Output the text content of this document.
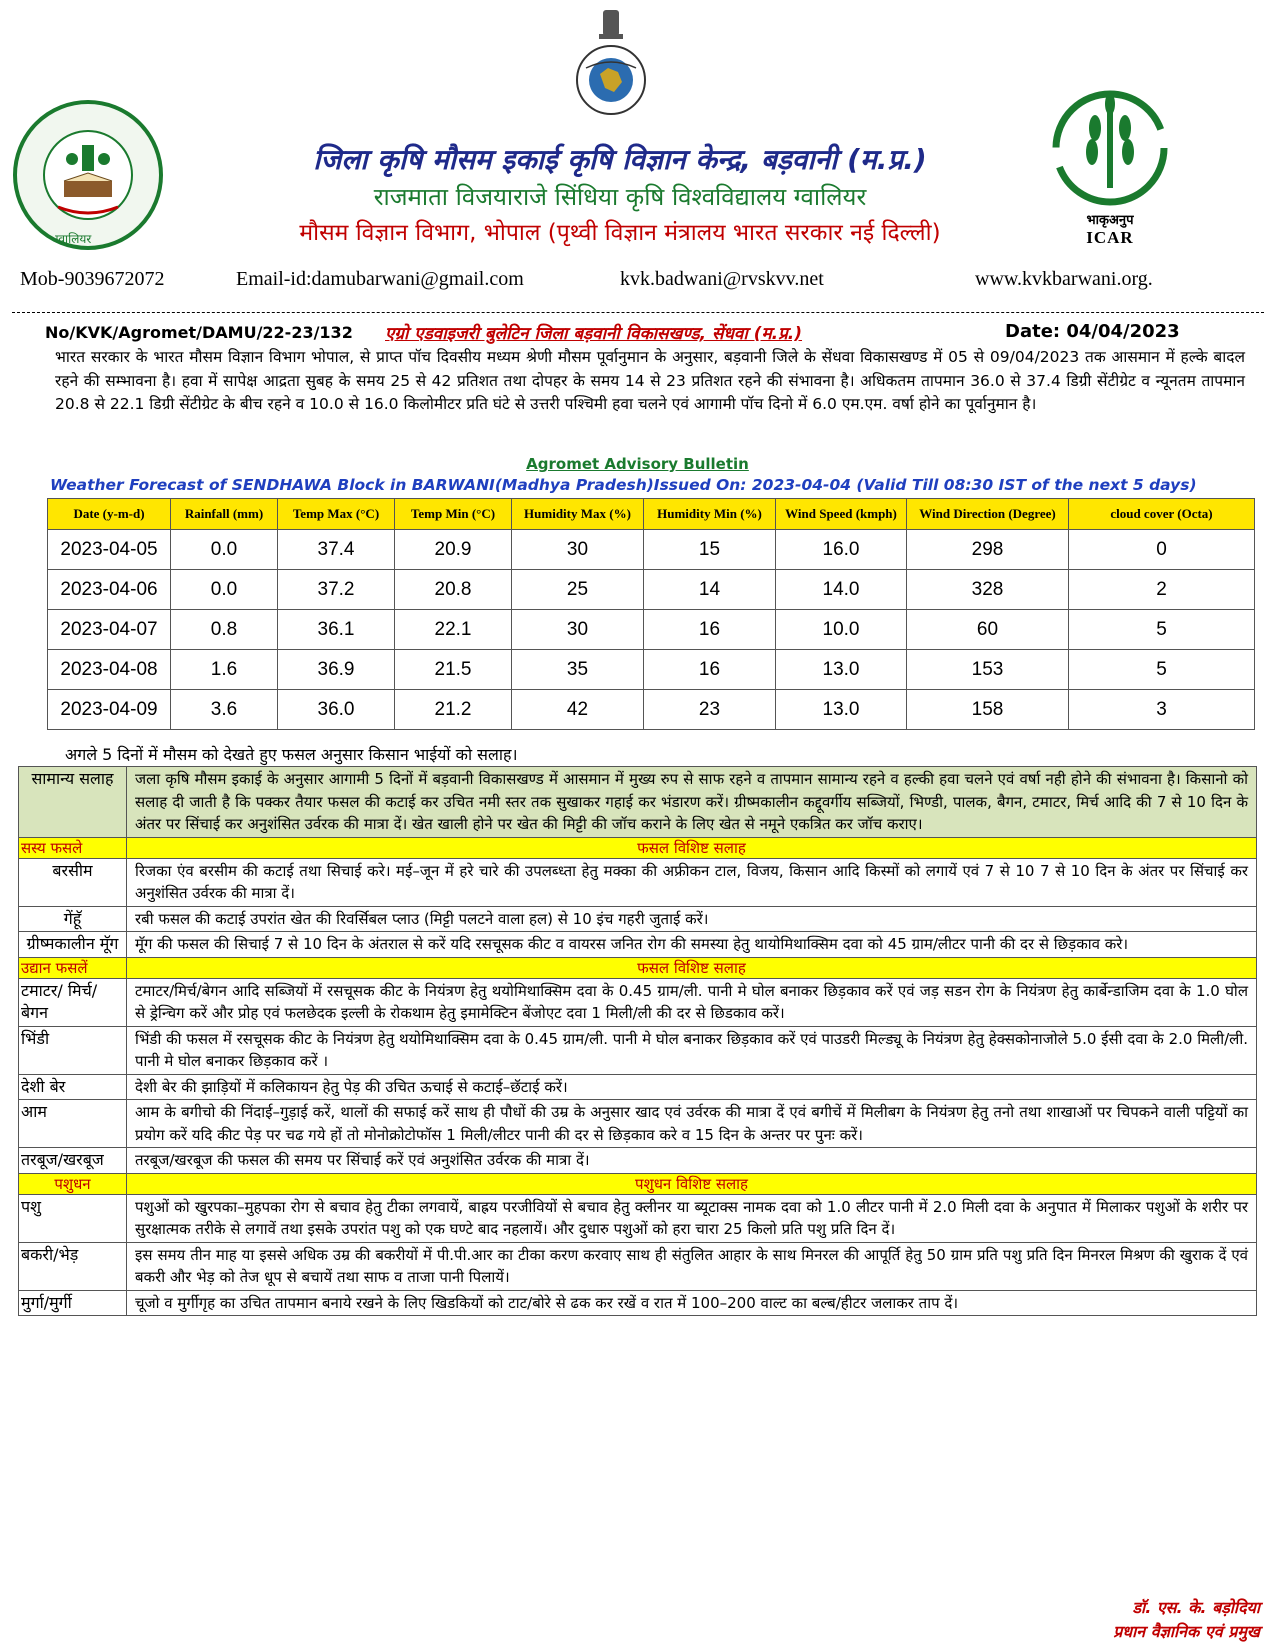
ग्वालियर
भाकृअनुप
ICAR
जिला कृषि मौसम इकाई कृषि विज्ञान केन्द्र, बड़वानी (म.प्र.)
राजमाता विजयाराजे सिंधिया कृषि विश्वविद्यालय ग्वालियर
मौसम विज्ञान विभाग, भोपाल (पृथ्वी विज्ञान मंत्रालय भारत सरकार नई दिल्ली)
Mob-9039672072	Email-id:damubarwani@gmail.com	kvk.badwani@rvskvv.net	www.kvkbarwani.org.
No/KVK/Agromet/DAMU/22-23/132 एग्रो एडवाइजरी बुलेटिन जिला बड़वानी विकासखण्ड, सेंधवा (म.प्र.)	Date: 04/04/2023
भारत सरकार के भारत मौसम विज्ञान विभाग भोपाल, से प्राप्त पॉच दिवसीय मध्यम श्रेणी मौसम पूर्वानुमान के अनुसार, बड़वानी जिले के सेंधवा विकासखण्ड में 05 से 09/04/2023 तक आसमान में हल्के बादल रहने की सम्भावना है। हवा में सापेक्ष आद्रता सुबह के समय 25 से 42 प्रतिशत तथा दोपहर के समय 14 से 23 प्रतिशत रहने की संभावना है। अधिकतम तापमान 36.0 से 37.4 डिग्री सेंटीग्रेट व न्यूनतम तापमान 20.8 से 22.1 डिग्री सेंटीग्रेट के बीच रहने व 10.0 से 16.0 किलोमीटर प्रति घंटे से उत्तरी पश्चिमी हवा चलने एवं आगामी पॉच दिनो में 6.0 एम.एम. वर्षा होने का पूर्वानुमान है।
Agromet Advisory Bulletin
Weather Forecast of SENDHAWA Block in BARWANI(Madhya Pradesh)Issued On: 2023-04-04 (Valid Till 08:30 IST of the next 5 days)
Date (y-m-d)	Rainfall (mm)	Temp Max (°C)	Temp Min (°C)	Humidity Max (%)	Humidity Min (%)	Wind Speed (kmph)	Wind Direction (Degree)	cloud cover (Octa)
2023-04-05	0.0	37.4	20.9	30	15	16.0	298	0
2023-04-06	0.0	37.2	20.8	25	14	14.0	328	2
2023-04-07	0.8	36.1	22.1	30	16	10.0	60	5
2023-04-08	1.6	36.9	21.5	35	16	13.0	153	5
2023-04-09	3.6	36.0	21.2	42	23	13.0	158	3
अगले 5 दिनों में मौसम को देखते हुए फसल अनुसार किसान भाईयों को सलाह।
सामान्य सलाह	जला कृषि मौसम इकाई के अनुसार आगामी 5 दिनों में बड़वानी विकासखण्ड में आसमान में मुख्य रुप से साफ रहने व तापमान सामान्य रहने व हल्की हवा चलने एवं वर्षा नही होने की संभावना है। किसानो को सलाह दी जाती है कि पक्कर तैयार फसल की कटाई कर उचित नमी स्तर तक सुखाकर गहाई कर भंडारण करें। ग्रीष्मकालीन कद्दूवर्गीय सब्जियों, भिण्डी, पालक, बैगन, टमाटर, मिर्च आदि की 7 से 10 दिन के अंतर पर सिंचाई कर अनुशंसित उर्वरक की मात्रा दें। खेत खाली होने पर खेत की मिट्टी की जॉच कराने के लिए खेत से नमूने एकत्रित कर जॉच कराए।
सस्य फसले	फसल विशिष्ट सलाह
बरसीम	रिजका एंव बरसीम की कटाई तथा सिचाई करे। मई–जून में हरे चारे की उपलब्ध्ता हेतु मक्का की अफ्रीकन टाल, विजय, किसान आदि किस्मों को लगायें एवं 7 से 10 7 से 10 दिन के अंतर पर सिंचाई कर अनुशंसित उर्वरक की मात्रा दें।
गेंहूॅ	रबी फसल की कटाई उपरांत खेत की रिवर्सिबल प्लाउ (मिट्टी पलटने वाला हल) से 10 इंच गहरी जुताई करें।
ग्रीष्मकालीन मूॅग	मूॅग की फसल की सिचाई 7 से 10 दिन के अंतराल से करें यदि रसचूसक कीट व वायरस जनित रोग की समस्या हेतु थायोमिथाक्सिम दवा को 45 ग्राम/लीटर पानी की दर से छिड़काव करे।
उद्यान फसलें	फसल विशिष्ट सलाह
टमाटर/ मिर्च/बेगन	टमाटर/मिर्च/बेगन आदि सब्जियों में रसचूसक कीट के नियंत्रण हेतु थयोमिथाक्सिम दवा के 0.45 ग्राम/ली. पानी मे घोल बनाकर छिड़काव करें एवं जड़ सडन रोग के नियंत्रण हेतु कार्बेन्डाजिम दवा के 1.0 घोल से ड्रेन्चिग करें और प्रोह एवं फलछेदक इल्ली के रोकथाम हेतु इमामेक्टिन बेंजोएट दवा 1 मिली/ली की दर से छिडकाव करें।
भिंडी	भिंडी की फसल में रसचूसक कीट के नियंत्रण हेतु थयोमिथाक्सिम दवा के 0.45 ग्राम/ली. पानी मे घोल बनाकर छिड़काव करें एवं पाउडरी मिल्ड्यू के नियंत्रण हेतु हेक्सकोनाजोले 5.0 ईसी दवा के 2.0 मिली/ली. पानी मे घोल बनाकर छिड़काव करें ।
देशी बेर	देशी बेर की झाड़ियों में कलिकायन हेतु पेड़ की उचित ऊचाई से कटाई–छॅटाई करें।
आम	आम के बगीचो की निंदाई–गुड़ाई करें, थालों की सफाई करें साथ ही पौधों की उम्र के अनुसार खाद एवं उर्वरक की मात्रा दें एवं बगीचें में मिलीबग के नियंत्रण हेतु तनो तथा शाखाओं पर चिपकने वाली पट्टियों का प्रयोग करें यदि कीट पेड़ पर चढ गये हों तो मोनोक्रोटोफॉस 1 मिली/लीटर पानी की दर से छिड़काव करे व 15 दिन के अन्तर पर पुनः करें।
तरबूज/खरबूज	तरबूज/खरबूज की फसल की समय पर सिंचाई करें एवं अनुशंसित उर्वरक की मात्रा दें।
पशुधन	पशुधन विशिष्ट सलाह
पशु	पशुओं को खुरपका–मुहपका रोग से बचाव हेतु टीका लगवायें, बाह्रय परजीवियों से बचाव हेतु क्लीनर या ब्यूटाक्स नामक दवा को 1.0 लीटर पानी में 2.0 मिली दवा के अनुपात में मिलाकर पशुओं के शरीर पर सुरक्षात्मक तरीके से लगावें तथा इसके उपरांत पशु को एक घण्टे बाद नहलायें। और दुधारु पशुओं को हरा चारा 25 किलो प्रति पशु प्रति दिन दें।
बकरी/भेड़	इस समय तीन माह या इससे अधिक उम्र की बकरीयों में पी.पी.आर का टीका करण करवाए साथ ही संतुलित आहार के साथ मिनरल की आपूर्ति हेतु 50 ग्राम प्रति पशु प्रति दिन मिनरल मिश्रण की खुराक दें एवं बकरी और भेड़ को तेज धूप से बचायें तथा साफ व ताजा पानी पिलायें।
मुर्गा/मुर्गी	चूजो व मुर्गीगृह का उचित तापमान बनाये रखने के लिए खिडकियों को टाट/बोरे से ढक कर रखें व रात में 100–200 वाल्ट का बल्ब/हीटर जलाकर ताप दें।
डॉ. एस. के. बड़ोदिया
प्रधान वैज्ञानिक एवं प्रमुख
